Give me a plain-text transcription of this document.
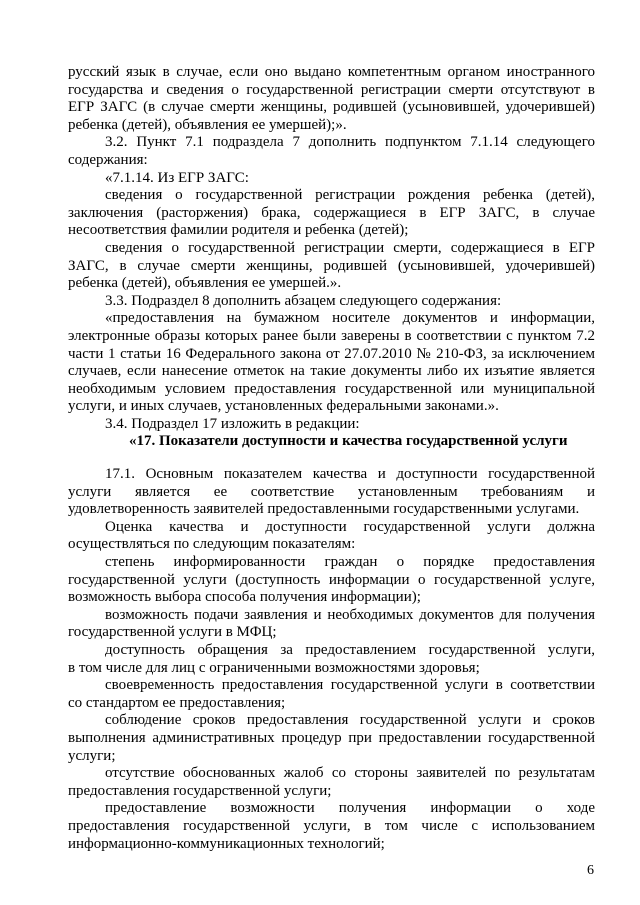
русский язык в случае, если оно выдано компетентным органом иностранного
государства и сведения о государственной регистрации смерти отсутствуют в
ЕГР ЗАГС (в случае смерти женщины, родившей (усыновившей, удочерившей)
ребенка (детей), объявления ее умершей);».
3.2. Пункт 7.1 подраздела 7 дополнить подпунктом 7.1.14 следующего
содержания:
«7.1.14. Из ЕГР ЗАГС:
сведения о государственной регистрации рождения ребенка (детей),
заключения (расторжения) брака, содержащиеся в ЕГР ЗАГС, в случае
несоответствия фамилии родителя и ребенка (детей);
сведения о государственной регистрации смерти, содержащиеся в ЕГР
ЗАГС, в случае смерти женщины, родившей (усыновившей, удочерившей)
ребенка (детей), объявления ее умершей.».
3.3. Подраздел 8 дополнить абзацем следующего содержания:
«предоставления на бумажном носителе документов и информации,
электронные образы которых ранее были заверены в соответствии с пунктом 7.2
части 1 статьи 16 Федерального закона от 27.07.2010 № 210-ФЗ, за исключением
случаев, если нанесение отметок на такие документы либо их изъятие является
необходимым условием предоставления государственной или муниципальной
услуги, и иных случаев, установленных федеральными законами.».
3.4. Подраздел 17 изложить в редакции:
«17. Показатели доступности и качества государственной услуги
17.1. Основным показателем качества и доступности государственной
услуги является ее соответствие установленным требованиям и
удовлетворенность заявителей предоставленными государственными услугами.
Оценка качества и доступности государственной услуги должна
осуществляться по следующим показателям:
степень информированности граждан о порядке предоставления
государственной услуги (доступность информации о государственной услуге,
возможность выбора способа получения информации);
возможность подачи заявления и необходимых документов для получения
государственной услуги в МФЦ;
доступность обращения за предоставлением государственной услуги,
в том числе для лиц с ограниченными возможностями здоровья;
своевременность предоставления государственной услуги в соответствии
со стандартом ее предоставления;
соблюдение сроков предоставления государственной услуги и сроков
выполнения административных процедур при предоставлении государственной
услуги;
отсутствие обоснованных жалоб со стороны заявителей по результатам
предоставления государственной услуги;
предоставление возможности получения информации о ходе
предоставления государственной услуги, в том числе с использованием
информационно-коммуникационных технологий;
6
